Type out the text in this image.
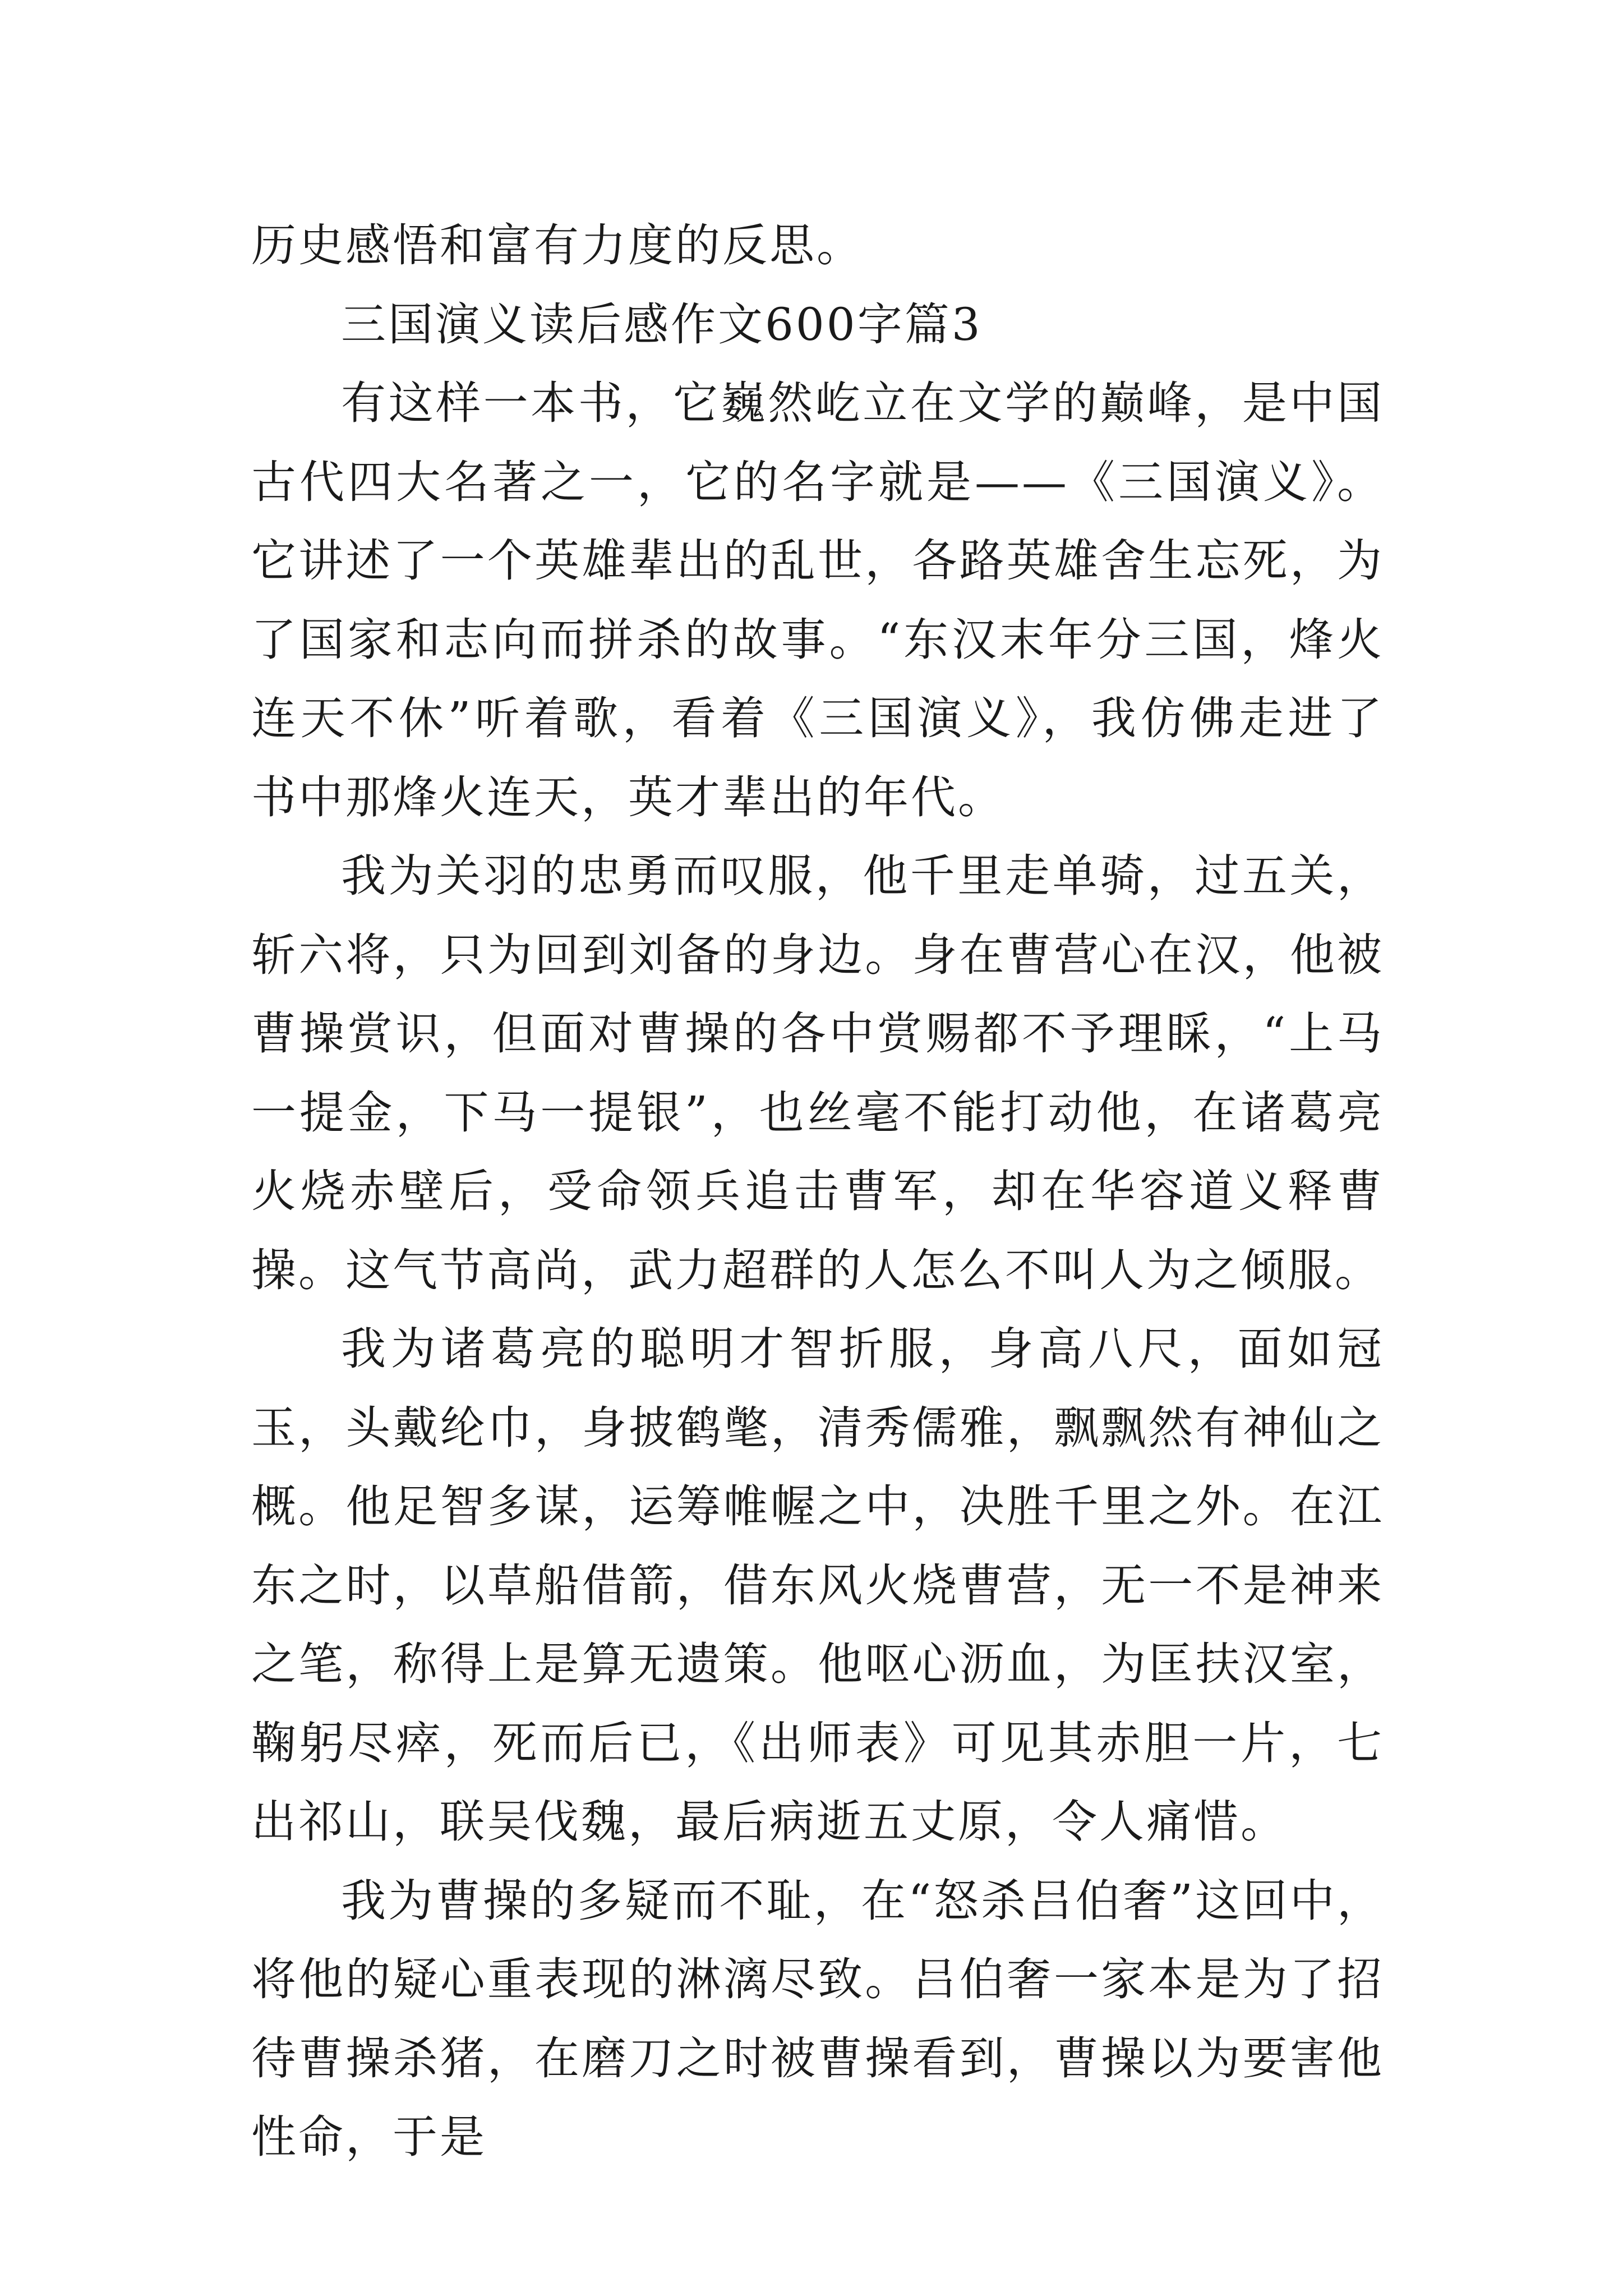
历史感悟和富有力度的反思。

三国演义读后感作文600字篇3

有这样一本书，它巍然屹立在文学的巅峰，是中国古代四大名著之一，它的名字就是——《三国演义》。它讲述了一个英雄辈出的乱世，各路英雄舍生忘死，为了国家和志向而拼杀的故事。“东汉末年分三国，烽火连天不休”听着歌，看着《三国演义》，我仿佛走进了书中那烽火连天，英才辈出的年代。

我为关羽的忠勇而叹服，他千里走单骑，过五关，斩六将，只为回到刘备的身边。身在曹营心在汉，他被曹操赏识，但面对曹操的各中赏赐都不予理睬，“上马一提金，下马一提银”，也丝毫不能打动他，在诸葛亮火烧赤壁后，受命领兵追击曹军，却在华容道义释曹操。这气节高尚，武力超群的人怎么不叫人为之倾服。

我为诸葛亮的聪明才智折服，身高八尺，面如冠玉，头戴纶巾，身披鹤氅，清秀儒雅，飘飘然有神仙之概。他足智多谋，运筹帷幄之中，决胜千里之外。在江东之时，以草船借箭，借东风火烧曹营，无一不是神来之笔，称得上是算无遗策。他呕心沥血，为匡扶汉室，鞠躬尽瘁，死而后已，《出师表》可见其赤胆一片，七出祁山，联吴伐魏，最后病逝五丈原，令人痛惜。

我为曹操的多疑而不耻，在“怒杀吕伯奢”这回中，将他的疑心重表现的淋漓尽致。吕伯奢一家本是为了招待曹操杀猪，在磨刀之时被曹操看到，曹操以为要害他性命，于是
